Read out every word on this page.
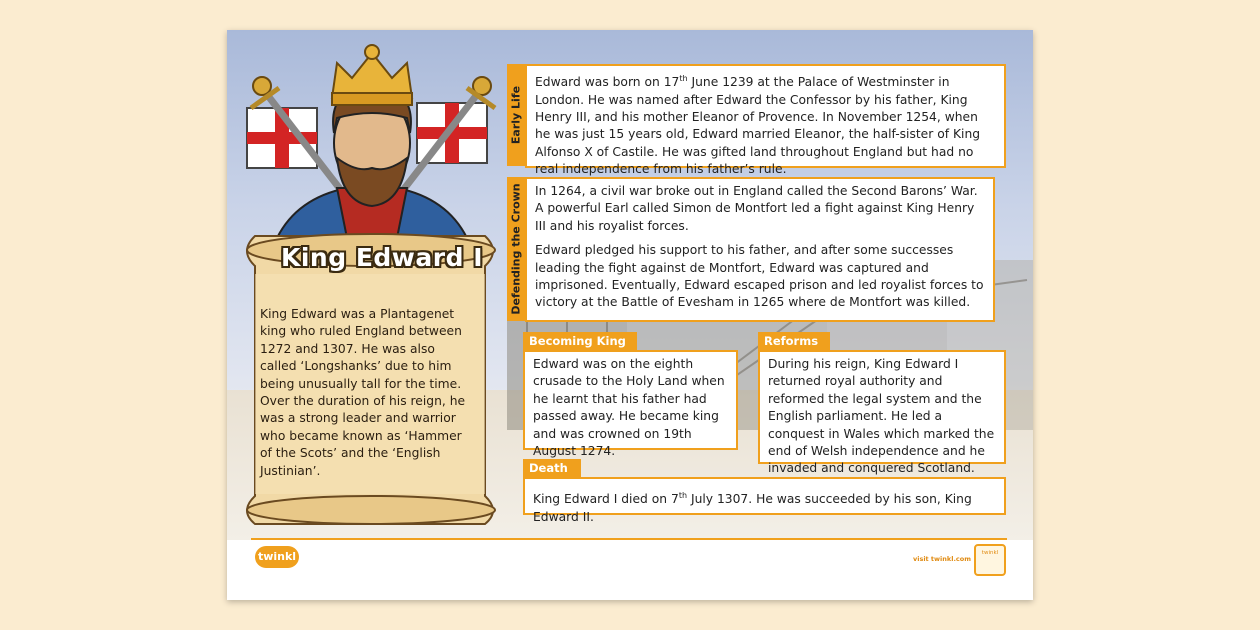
King Edward I
King Edward was a Plantagenet king who ruled England between 1272 and 1307. He was also called ‘Longshanks’ due to him being unusually tall for the time. Over the duration of his reign, he was a strong leader and warrior who became known as ‘Hammer of the Scots’ and the ‘English Justinian’.
Early Life

Edward was born on 17th June 1239 at the Palace of Westminster in London. He was named after Edward the Confessor by his father, King Henry III, and his mother Eleanor of Provence. In November 1254, when he was just 15 years old, Edward married Eleanor, the half-sister of King Alfonso X of Castile. He was gifted land throughout England but had no real independence from his father’s rule.

Defending the Crown In 1264, a civil war broke out in England called the Second Barons’ War. A powerful Earl called Simon de Montfort led a fight against King Henry III and his royalist forces.

Edward pledged his support to his father, and after some successes leading the fight against de Montfort, Edward was captured and imprisoned. Eventually, Edward escaped prison and led royalist forces to victory at the Battle of Evesham in 1265 where de Montfort was killed.

Becoming King

Edward was on the eighth crusade to the Holy Land when he learnt that his father had passed away. He became king and was crowned on 19th August 1274.

Reforms

During his reign, King Edward I returned royal authority and reformed the legal system and the English parliament. He led a conquest in Wales which marked the end of Welsh independence and he invaded and conquered Scotland.

Death

King Edward I died on 7th July 1307. He was succeeded by his son, King Edward II.

twinkl	visit twinkl.com
twinkl
